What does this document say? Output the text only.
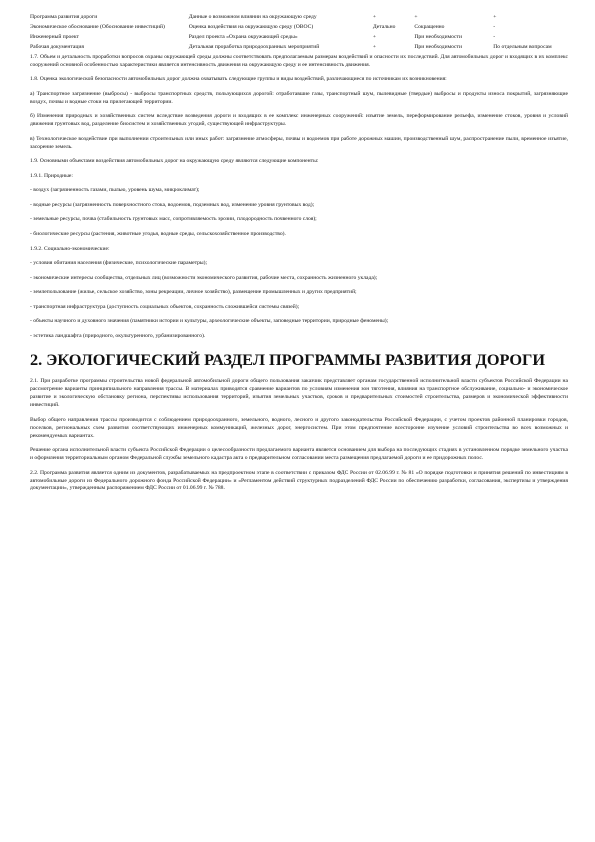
Программа развития дороги	Данные о возможном влиянии на окружающую среду	+	+	+
Экономическое обоснование (Обоснование инвестиций)	Оценка воздействия на окружающую среду (ОВОС)	Детально	Сокращенно	-
Инженерный проект	Раздел проекта «Охрана окружающей среды»	+	При необходимости	-
Рабочая документация	Детальная проработка природоохранных мероприятий	+	При необходимости	По отдельным вопросам

1.7. Объем и детальность проработки вопросов охраны окружающей среды должны соответствовать предполагаемым размерам воздействий и опасности их последствий. Для автомобильных дорог и входящих в их комплекс сооружений основной особенностью характеристики является интенсивность движения на окружающую среду и ее интенсивность движения.

1.8. Оценка экологической безопасности автомобильных дорог должна охватывать следующие группы и виды воздействий, различающиеся по источникам их возникновения:

а) Транспортное загрязнение (выбросы) - выбросы транспортных средств, пользующихся дорогой: отработавшие газы, транспортный шум, пылевидные (твердые) выбросы и продукты износа покрытий, загрязняющие воздух, почвы и водные стоки на прилегающей территории.

б) Изменения природных и хозяйственных систем вследствие возведения дороги и входящих в ее комплекс инженерных сооружений: изъятие земель, переформирование рельефа, изменение стоков, уровня и условий движения грунтовых вод, разделение биосистем и хозяйственных угодий, существующей инфраструктуры.

в) Технологическое воздействие при выполнении строительных или иных работ: загрязнение атмосферы, почвы и водоемов при работе дорожных машин, производственный шум, распространение пыли, временное изъятие, засорение земель.

1.9. Основными объектами воздействия автомобильных дорог на окружающую среду являются следующие компоненты:

1.9.1. Природные:

- воздух (загрязненность газами, пылью, уровень шума, микроклимат);

- водные ресурсы (загрязненность поверхностного стока, водоемов, подземных вод, изменение уровня грунтовых вод);

- земельные ресурсы, почва (стабильность грунтовых масс, сопротивляемость эрозии, плодородность почвенного слоя);

- биологические ресурсы (растения, животные угодья, водные среды, сельскохозяйственное производство).

1.9.2. Социально-экономические:

- условия обитания населения (физические, психологические параметры);

- экономические интересы сообщества, отдельных лиц (возможности экономического развития, рабочие места, сохранность жизненного уклада);

- землепользование (жилье, сельское хозяйство, зоны рекреации, личное хозяйство), размещение промышленных и других предприятий;

- транспортная инфраструктура (доступность социальных объектов, сохранность сложившейся системы связей);

- объекты научного и духовного значения (памятники истории и культуры, археологические объекты, заповедные территории, природные феномены);

- эстетика ландшафта (природного, окультуренного, урбанизированного).

2. ЭКОЛОГИЧЕСКИЙ РАЗДЕЛ ПРОГРАММЫ РАЗВИТИЯ ДОРОГИ

2.1. При разработке программы строительства новой федеральной автомобильной дороги общего пользования заказчик представляет органам государственной исполнительной власти субъектов Российской Федерации на рассмотрение варианты принципиального направления трассы. В материалах приводятся сравнение вариантов по условиям изменения зон тяготения, влияния на транспортное обслуживание, социально- и экономическое развитие и экологическую обстановку региона, перспективы использования территорий, изъятия земельных участков, сроков и предварительных стоимостей строительства, размеров и экономической эффективности инвестиций.

Выбор общего направления трассы производится с соблюдением природоохранного, земельного, водного, лесного и другого законодательства Российской Федерации, с учетом проектов районной планировки городов, поселков, региональных схем развития соответствующих инженерных коммуникаций, железных дорог, энергосистем. При этом предпочтение всесторонне изучение условий строительства во всех возможных и рекомендуемых вариантах.

Решение органа исполнительной власти субъекта Российской Федерации о целесообразности предлагаемого варианта является основанием для выбора на последующих стадиях в установленном порядке земельного участка и оформления территориальным органом Федеральной службы земельного кадастра акта о предварительном согласовании места размещения предлагаемой дороги и ее придорожных полос.

2.2. Программа развития является одним из документов, разрабатываемых на предпроектном этапе в соответствии с приказом ФДС России от 02.06.99 г. № 81 «О порядке подготовки и принятия решений по инвестициям в автомобильные дороги из Федерального дорожного фонда Российской Федерации» и «Регламентом действий структурных подразделений ФДС России по обеспечению разработки, согласования, экспертизы и утверждения документации», утвержденным распоряжением ФДС России от 01.06.99 г. № 788.
